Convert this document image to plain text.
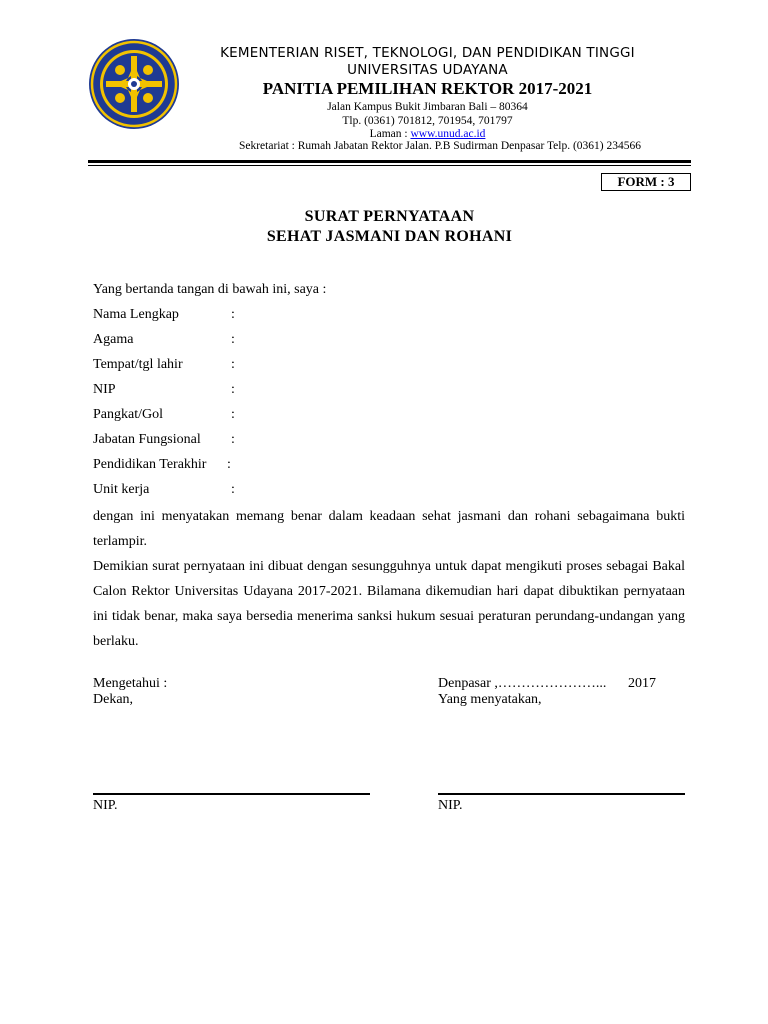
KEMENTERIAN RISET, TEKNOLOGI, DAN PENDIDIKAN TINGGI
UNIVERSITAS UDAYANA
PANITIA PEMILIHAN REKTOR 2017-2021
Jalan Kampus Bukit Jimbaran Bali – 80364
Tlp. (0361) 701812, 701954, 701797
Laman : www.unud.ac.id
Sekretariat : Rumah Jabatan Rektor Jalan. P.B Sudirman Denpasar Telp. (0361) 234566
FORM : 3
SURAT PERNYATAAN
SEHAT JASMANI DAN ROHANI
Yang bertanda tangan di bawah ini, saya :
Nama Lengkap	:
Agama	:
Tempat/tgl lahir	:
NIP	:
Pangkat/Gol	:
Jabatan Fungsional :
Pendidikan Terakhir :
Unit kerja	:
dengan ini menyatakan memang benar dalam keadaan sehat jasmani dan rohani sebagaimana bukti terlampir.
Demikian surat pernyataan ini dibuat dengan sesungguhnya untuk dapat mengikuti proses sebagai Bakal Calon Rektor Universitas Udayana 2017-2021. Bilamana dikemudian hari dapat dibuktikan pernyataan ini tidak benar, maka saya bersedia menerima sanksi hukum sesuai peraturan perundang-undangan yang berlaku.
Mengetahui :
Dekan,
NIP.
Denpasar ,…………………... 2017
Yang menyatakan,
NIP.
